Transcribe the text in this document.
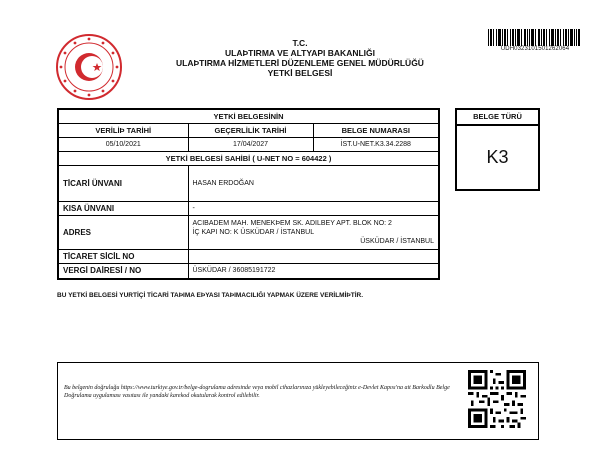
T.C.
ULAÞTIRMA VE ALTYAPI BAKANLIĞI
ULAÞTIRMA HİZMETLERİ DÜZENLEME GENEL MÜDÜRLÜĞÜ
YETKİ BELGESİ
UDH0323101501262064
YETKİ BELGESİNİN		
VERİLİÞ TARİHİ	GEÇERLİLİK TARİHİ	BELGE NUMARASI
05/10/2021	17/04/2027	İST.U-NET.K3.34.2288
YETKİ BELGESİ SAHİBİ ( U-NET NO = 604422 )		
TİCARİ ÜNVANI	HASAN ERDOĞAN	
KISA ÜNVANI	-	
ADRES	ACIBADEM MAH. MENEKÞEM SK. ADILBEY APT. BLOK NO: 2 İÇ KAPI NO: K ÜSKÜDAR / İSTANBUL
ÜSKÜDAR / İSTANBUL	

TİCARET SİCİL NO		
VERGİ DAİRESİ / NO	ÜSKÜDAR / 36085191722	
BELGE TÜRÜ
K3
BU YETKİ BELGESİ YURTİÇİ TİCARİ TAÞIMA EÞYASI TAÞIMACILIĞI YAPMAK ÜZERE VERİLMİÞTİR.
Bu belgenin doğruluğu https://www.turkiye.gov.tr/belge-dogrulama adresinde veya mobil cihazlarınıza yükleyebileceğiniz e-Devlet Kapısı'na ait Barkodlu Belge Doğrulama uygulaması vasıtası ile yandaki karekod okutularak kontrol edilebilir.
